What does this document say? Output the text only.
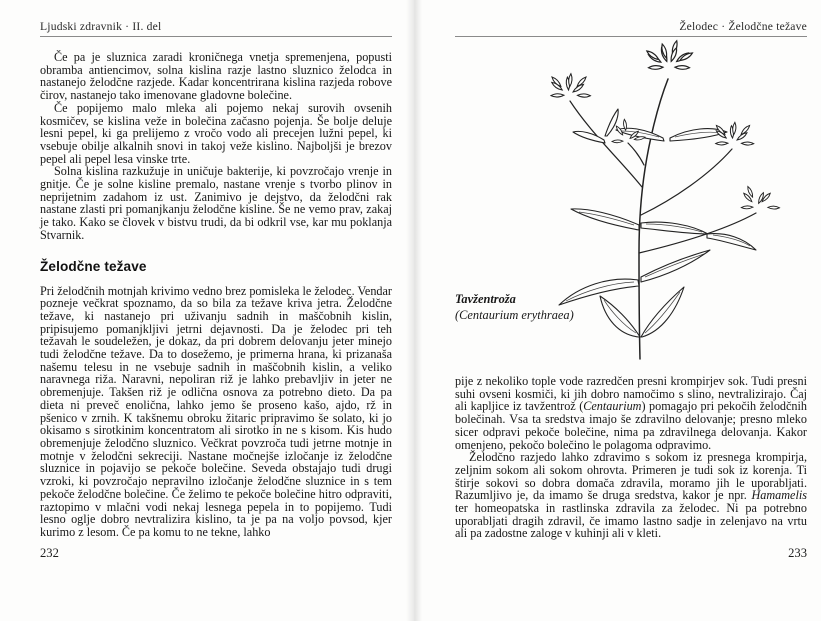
Ljudski zdravnik · II. del

Če pa je sluznica zaradi kroničnega vnetja spremenjena, popusti obramba antiencimov, solna kislina razje lastno sluznico želodca in nastanejo želodčne razjede. Kadar koncentrirana kislina razjeda robove čirov, nastanejo tako imenovane gladovne bolečine.

Če popijemo malo mleka ali pojemo nekaj surovih ovsenih kosmičev, se kislina veže in bolečina začasno pojenja. Še bolje deluje lesni pepel, ki ga prelijemo z vročo vodo ali precejen lužni pepel, ki vsebuje obilje alkalnih snovi in takoj veže kislino. Najboljši je brezov pepel ali pepel lesa vinske trte.

Solna kislina razkužuje in uničuje bakterije, ki povzročajo vrenje in gnitje. Če je solne kisline premalo, nastane vrenje s tvorbo plinov in neprijetnim zadahom iz ust. Zanimivo je dejstvo, da želodčni rak nastane zlasti pri pomanjkanju želodčne kisline. Še ne vemo prav, zakaj je tako. Kako se človek v bistvu trudi, da bi odkril vse, kar mu poklanja Stvarnik.

Želodčne težave

Pri želodčnih motnjah krivimo vedno brez pomisleka le želodec. Vendar pozneje večkrat spoznamo, da so bila za težave kriva jetra. Želodčne težave, ki nastanejo pri uživanju sadnih in maščobnih kislin, pripisujemo pomanjkljivi jetrni dejavnosti. Da je želodec pri teh težavah le soudeležen, je dokaz, da pri dobrem delovanju jeter minejo tudi želodčne težave. Da to dosežemo, je primerna hrana, ki prizanaša našemu telesu in ne vsebuje sadnih in maščobnih kislin, a veliko naravnega riža. Naravni, nepoliran riž je lahko prebavljiv in jeter ne obremenjuje. Takšen riž je odlična osnova za potrebno dieto. Da pa dieta ni preveč enolična, lahko jemo še proseno kašo, ajdo, rž in pšenico v zrnih. K takšnemu obroku žitaric pripravimo še solato, ki jo okisamo s sirotkinim koncentratom ali sirotko in ne s kisom. Kis hudo obremenjuje želodčno sluznico. Večkrat povzroča tudi jetrne motnje in motnje v želodčni sekreciji. Nastane močnejše izločanje iz želodčne sluznice in pojavijo se pekoče bolečine. Seveda obstajajo tudi drugi vzroki, ki povzročajo nepravilno izločanje želodčne sluznice in s tem pekoče želodčne bolečine. Če želimo te pekoče bolečine hitro odpraviti, raztopimo v mlačni vodi nekaj lesnega pepela in to popijemo. Tudi lesno oglje dobro nevtralizira kislino, ta je pa na voljo povsod, kjer kurimo z lesom. Če pa komu to ne tekne, lahko

232
Želodec · Želodčne težave
Tavžentroža
(Centaurium erythraea)

pije z nekoliko tople vode razredčen presni krompirjev sok. Tudi presni suhi ovseni kosmiči, ki jih dobro namočimo s slino, nevtralizirajo. Čaj ali kapljice iz tavžentrož (Centaurium) pomagajo pri pekočih želodčnih bolečinah. Vsa ta sredstva imajo še zdravilno delovanje; presno mleko sicer odpravi pekoče bolečine, nima pa zdravilnega delovanja. Kakor omenjeno, pekočo bolečino le polagoma odpravimo.

Želodčno razjedo lahko zdravimo s sokom iz presnega krompirja, zeljnim sokom ali sokom ohrovta. Primeren je tudi sok iz korenja. Ti štirje sokovi so dobra domača zdravila, moramo jih le uporabljati. Razumljivo je, da imamo še druga sredstva, kakor je npr. Hamamelis ter homeopatska in rastlinska zdravila za želodec. Ni pa potrebno uporabljati dragih zdravil, če imamo lastno sadje in zelenjavo na vrtu ali pa zadostne zaloge v kuhinji ali v kleti.

233
